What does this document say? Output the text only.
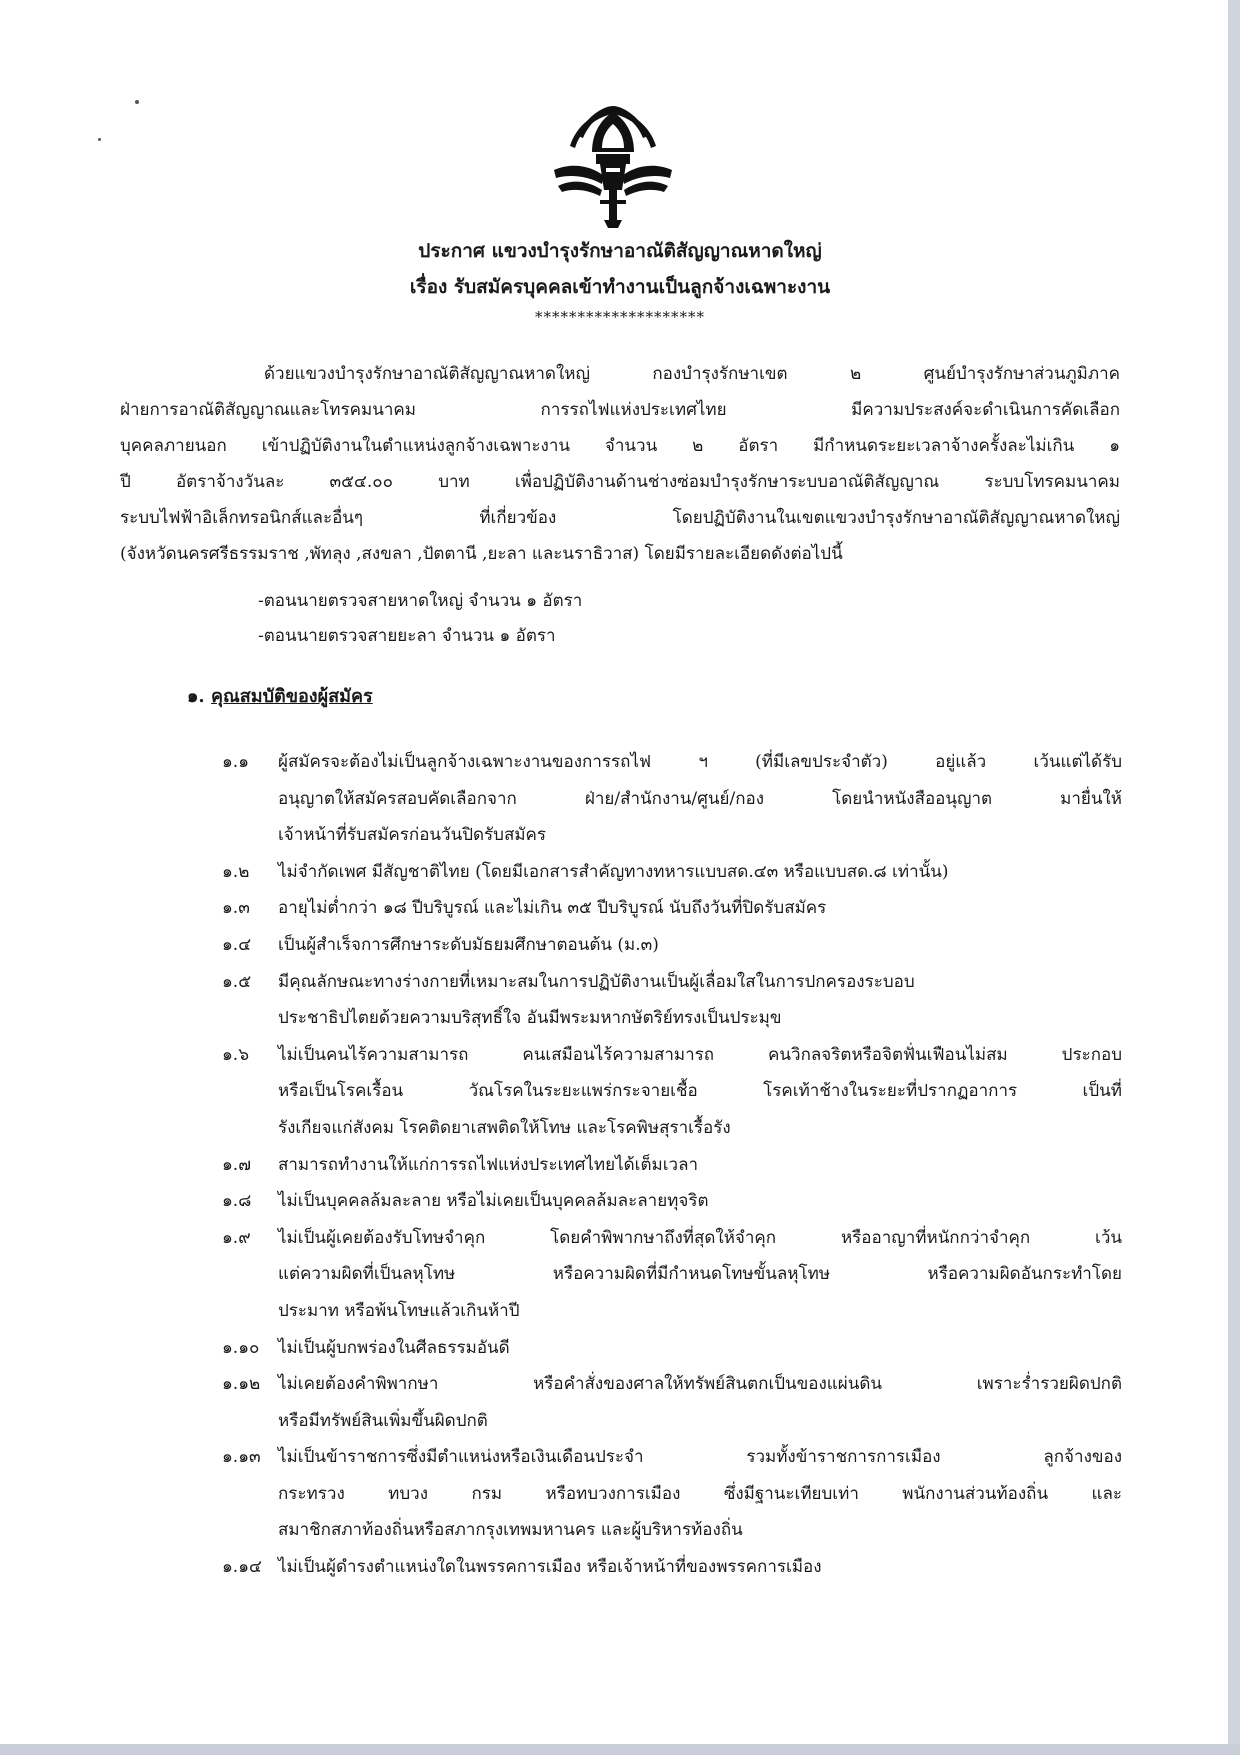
ประกาศ แขวงบำรุงรักษาอาณัติสัญญาณหาดใหญ่
เรื่อง รับสมัครบุคคลเข้าทำงานเป็นลูกจ้างเฉพาะงาน
********************
ด้วยแขวงบำรุงรักษาอาณัติสัญญาณหาดใหญ่ กองบำรุงรักษาเขต ๒ ศูนย์บำรุงรักษาส่วนภูมิภาค
ฝ่ายการอาณัติสัญญาณและโทรคมนาคม การรถไฟแห่งประเทศไทย มีความประสงค์จะดำเนินการคัดเลือก
บุคคลภายนอก เข้าปฏิบัติงานในตำแหน่งลูกจ้างเฉพาะงาน จำนวน ๒ อัตรา มีกำหนดระยะเวลาจ้างครั้งละไม่เกิน ๑
ปี อัตราจ้างวันละ ๓๕๔.๐๐ บาท เพื่อปฏิบัติงานด้านช่างซ่อมบำรุงรักษาระบบอาณัติสัญญาณ ระบบโทรคมนาคม
ระบบไฟฟ้าอิเล็กทรอนิกส์และอื่นๆ ที่เกี่ยวข้อง โดยปฏิบัติงานในเขตแขวงบำรุงรักษาอาณัติสัญญาณหาดใหญ่
(จังหวัดนครศรีธรรมราช ,พัทลุง ,สงขลา ,ปัตตานี ,ยะลา และนราธิวาส) โดยมีรายละเอียดดังต่อไปนี้
-ตอนนายตรวจสายหาดใหญ่ จำนวน ๑ อัตรา
-ตอนนายตรวจสายยะลา จำนวน ๑ อัตรา
๑. คุณสมบัติของผู้สมัคร
๑.๑ ผู้สมัครจะต้องไม่เป็นลูกจ้างเฉพาะงานของการรถไฟ ฯ (ที่มีเลขประจำตัว) อยู่แล้ว เว้นแต่ได้รับ
อนุญาตให้สมัครสอบคัดเลือกจาก ฝ่าย/สำนักงาน/ศูนย์/กอง โดยนำหนังสืออนุญาต มายื่นให้
เจ้าหน้าที่รับสมัครก่อนวันปิดรับสมัคร
๑.๒ ไม่จำกัดเพศ มีสัญชาติไทย (โดยมีเอกสารสำคัญทางทหารแบบสด.๔๓ หรือแบบสด.๘ เท่านั้น)
๑.๓ อายุไม่ต่ำกว่า ๑๘ ปีบริบูรณ์ และไม่เกิน ๓๕ ปีบริบูรณ์ นับถึงวันที่ปิดรับสมัคร
๑.๔ เป็นผู้สำเร็จการศึกษาระดับมัธยมศึกษาตอนต้น (ม.๓)
๑.๕ มีคุณลักษณะทางร่างกายที่เหมาะสมในการปฏิบัติงานเป็นผู้เลื่อมใสในการปกครองระบอบ
ประชาธิปไตยด้วยความบริสุทธิ์ใจ อันมีพระมหากษัตริย์ทรงเป็นประมุข
๑.๖ ไม่เป็นคนไร้ความสามารถ คนเสมือนไร้ความสามารถ คนวิกลจริตหรือจิตฟั่นเฟือนไม่สม ประกอบ
หรือเป็นโรคเรื้อน วัณโรคในระยะแพร่กระจายเชื้อ โรคเท้าช้างในระยะที่ปรากฏอาการ เป็นที่
รังเกียจแก่สังคม โรคติดยาเสพติดให้โทษ และโรคพิษสุราเรื้อรัง
๑.๗ สามารถทำงานให้แก่การรถไฟแห่งประเทศไทยได้เต็มเวลา
๑.๘ ไม่เป็นบุคคลล้มละลาย หรือไม่เคยเป็นบุคคลล้มละลายทุจริต
๑.๙ ไม่เป็นผู้เคยต้องรับโทษจำคุก โดยคำพิพากษาถึงที่สุดให้จำคุก หรืออาญาที่หนักกว่าจำคุก เว้น
แต่ความผิดที่เป็นลหุโทษ หรือความผิดที่มีกำหนดโทษขั้นลหุโทษ หรือความผิดอันกระทำโดย
ประมาท หรือพ้นโทษแล้วเกินห้าปี
๑.๑๐ ไม่เป็นผู้บกพร่องในศีลธรรมอันดี
๑.๑๒ ไม่เคยต้องคำพิพากษา หรือคำสั่งของศาลให้ทรัพย์สินตกเป็นของแผ่นดิน เพราะร่ำรวยผิดปกติ
หรือมีทรัพย์สินเพิ่มขึ้นผิดปกติ
๑.๑๓ ไม่เป็นข้าราชการซึ่งมีตำแหน่งหรือเงินเดือนประจำ รวมทั้งข้าราชการการเมือง ลูกจ้างของ
กระทรวง ทบวง กรม หรือทบวงการเมือง ซึ่งมีฐานะเทียบเท่า พนักงานส่วนท้องถิ่น และ
สมาชิกสภาท้องถิ่นหรือสภากรุงเทพมหานคร และผู้บริหารท้องถิ่น
๑.๑๔ ไม่เป็นผู้ดำรงตำแหน่งใดในพรรคการเมือง หรือเจ้าหน้าที่ของพรรคการเมือง
